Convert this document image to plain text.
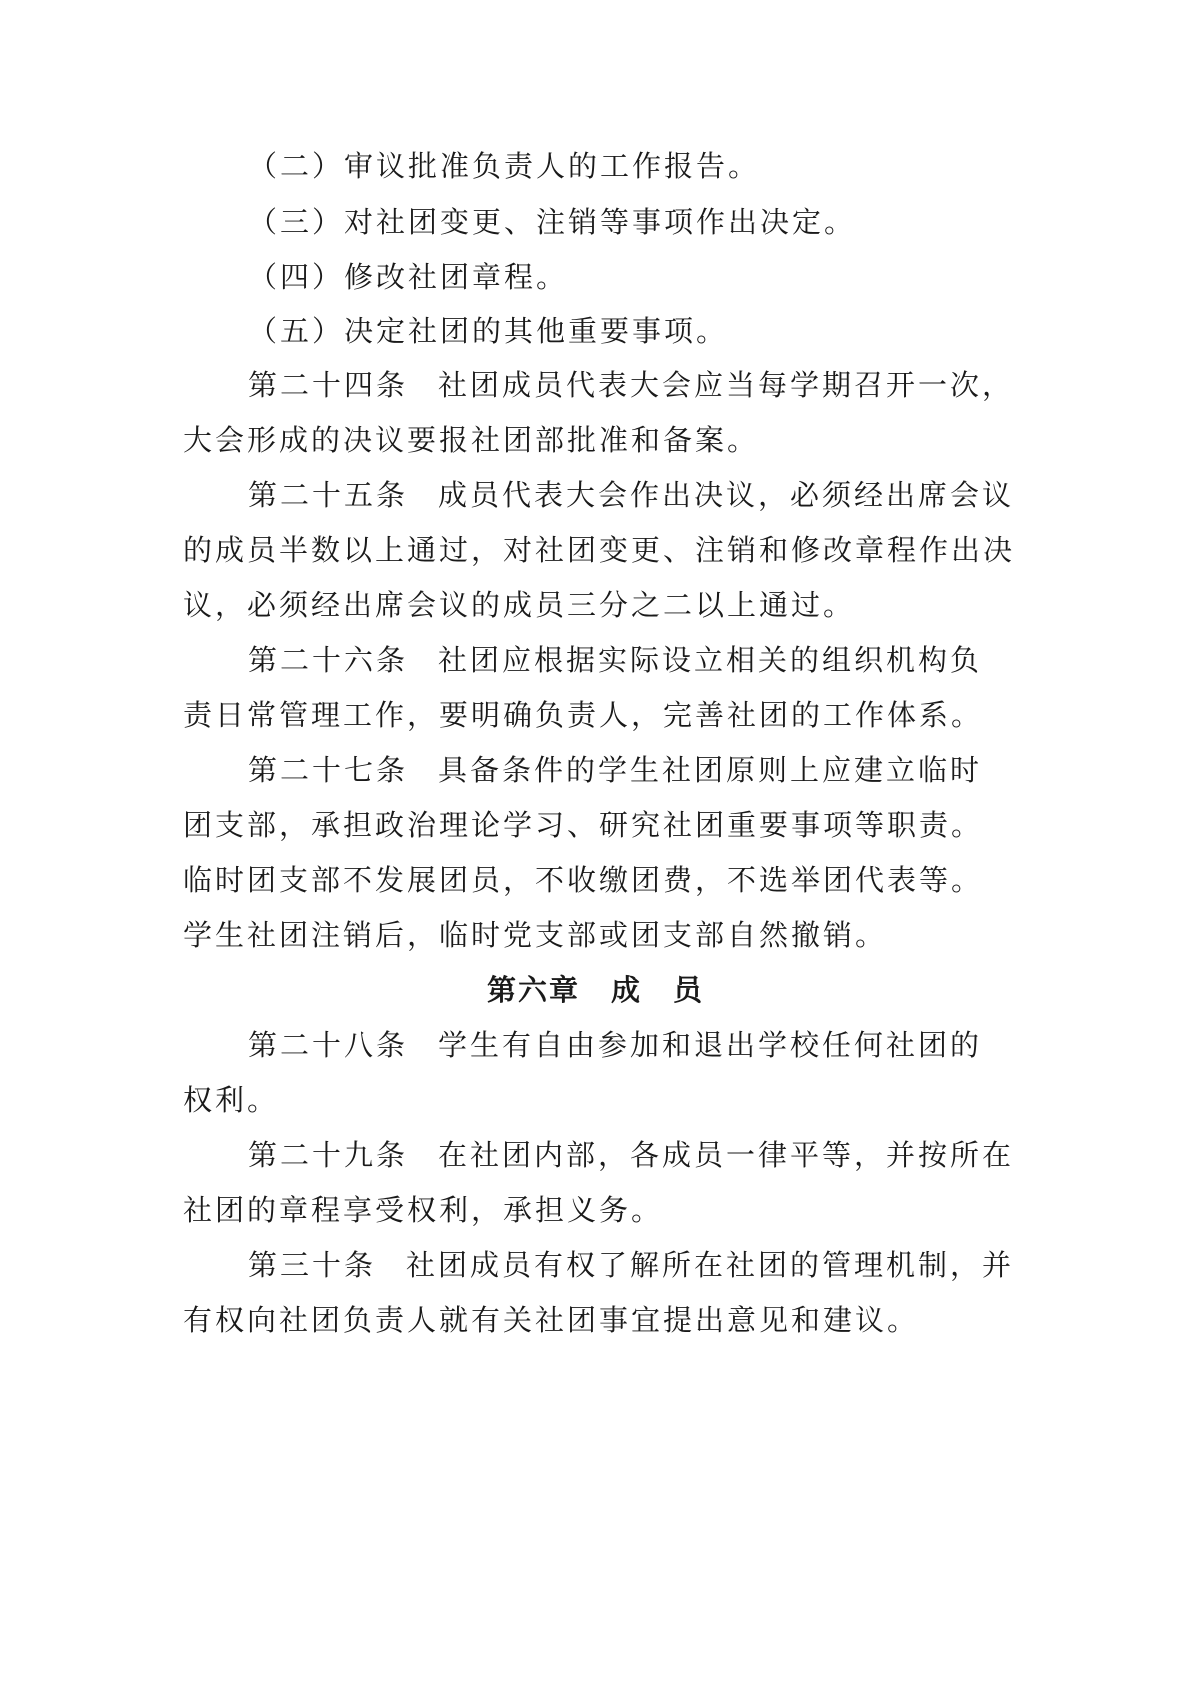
（二）审议批准负责人的工作报告。
（三）对社团变更、注销等事项作出决定。
（四）修改社团章程。
（五）决定社团的其他重要事项。
第二十四条 社团成员代表大会应当每学期召开一次，
大会形成的决议要报社团部批准和备案。
第二十五条 成员代表大会作出决议，必须经出席会议
的成员半数以上通过，对社团变更、注销和修改章程作出决
议，必须经出席会议的成员三分之二以上通过。
第二十六条 社团应根据实际设立相关的组织机构负
责日常管理工作，要明确负责人，完善社团的工作体系。
第二十七条 具备条件的学生社团原则上应建立临时
团支部，承担政治理论学习、研究社团重要事项等职责。
临时团支部不发展团员，不收缴团费，不选举团代表等。
学生社团注销后，临时党支部或团支部自然撤销。
第六章　成　员
第二十八条 学生有自由参加和退出学校任何社团的
权利。
第二十九条 在社团内部，各成员一律平等，并按所在
社团的章程享受权利，承担义务。
第三十条 社团成员有权了解所在社团的管理机制，并
有权向社团负责人就有关社团事宜提出意见和建议。
